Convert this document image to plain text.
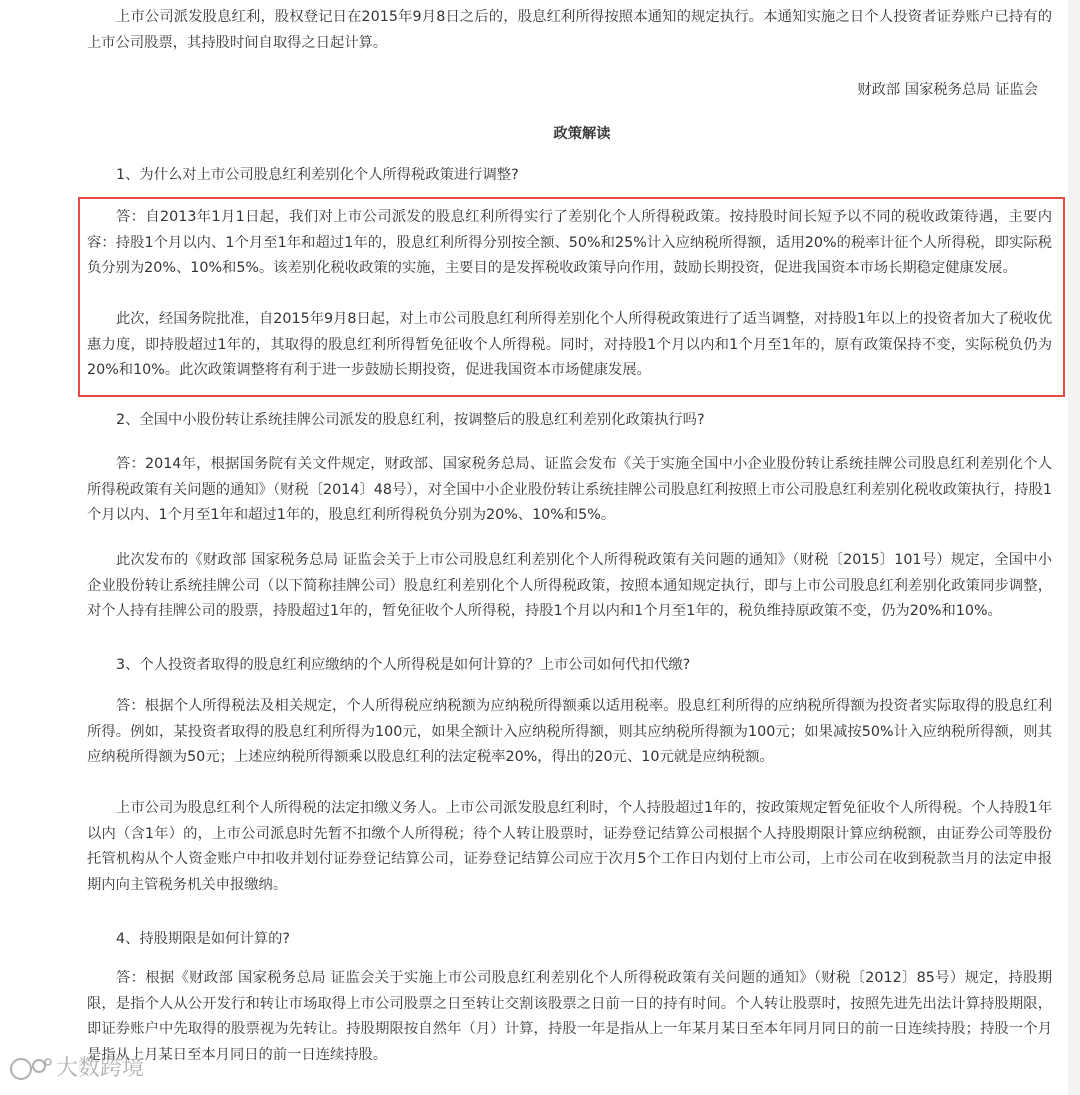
上市公司派发股息红利，股权登记日在2015年9月8日之后的，股息红利所得按照本通知的规定执行。本通知实施之日个人投资者证券账户已持有的上市公司股票，其持股时间自取得之日起计算。

财政部 国家税务总局 证监会
政策解读
1、为什么对上市公司股息红利差别化个人所得税政策进行调整?

答：自2013年1月1日起，我们对上市公司派发的股息红利所得实行了差别化个人所得税政策。按持股时间长短予以不同的税收政策待遇，主要内容：持股1个月以内、1个月至1年和超过1年的，股息红利所得分别按全额、50%和25%计入应纳税所得额，适用20%的税率计征个人所得税，即实际税负分别为20%、10%和5%。该差别化税收政策的实施，主要目的是发挥税收政策导向作用，鼓励长期投资，促进我国资本市场长期稳定健康发展。

此次，经国务院批准，自2015年9月8日起，对上市公司股息红利所得差别化个人所得税政策进行了适当调整，对持股1年以上的投资者加大了税收优惠力度，即持股超过1年的，其取得的股息红利所得暂免征收个人所得税。同时，对持股1个月以内和1个月至1年的，原有政策保持不变，实际税负仍为20%和10%。此次政策调整将有利于进一步鼓励长期投资，促进我国资本市场健康发展。

2、全国中小股份转让系统挂牌公司派发的股息红利，按调整后的股息红利差别化政策执行吗?

答：2014年，根据国务院有关文件规定，财政部、国家税务总局、证监会发布《关于实施全国中小企业股份转让系统挂牌公司股息红利差别化个人所得税政策有关问题的通知》（财税〔2014〕48号），对全国中小企业股份转让系统挂牌公司股息红利按照上市公司股息红利差别化税收政策执行，持股1个月以内、1个月至1年和超过1年的，股息红利所得税负分别为20%、10%和5%。

此次发布的《财政部 国家税务总局 证监会关于上市公司股息红利差别化个人所得税政策有关问题的通知》（财税〔2015〕101号）规定，全国中小企业股份转让系统挂牌公司（以下简称挂牌公司）股息红利差别化个人所得税政策，按照本通知规定执行，即与上市公司股息红利差别化政策同步调整，对个人持有挂牌公司的股票，持股超过1年的，暂免征收个人所得税，持股1个月以内和1个月至1年的，税负维持原政策不变，仍为20%和10%。

3、个人投资者取得的股息红利应缴纳的个人所得税是如何计算的？上市公司如何代扣代缴?

答：根据个人所得税法及相关规定，个人所得税应纳税额为应纳税所得额乘以适用税率。股息红利所得的应纳税所得额为投资者实际取得的股息红利所得。例如，某投资者取得的股息红利所得为100元，如果全额计入应纳税所得额，则其应纳税所得额为100元；如果减按50%计入应纳税所得额，则其应纳税所得额为50元；上述应纳税所得额乘以股息红利的法定税率20%，得出的20元、10元就是应纳税额。

上市公司为股息红利个人所得税的法定扣缴义务人。上市公司派发股息红利时，个人持股超过1年的，按政策规定暂免征收个人所得税。个人持股1年以内（含1年）的，上市公司派息时先暂不扣缴个人所得税；待个人转让股票时，证券登记结算公司根据个人持股期限计算应纳税额，由证券公司等股份托管机构从个人资金账户中扣收并划付证券登记结算公司，证券登记结算公司应于次月5个工作日内划付上市公司，上市公司在收到税款当月的法定申报期内向主管税务机关申报缴纳。

4、持股期限是如何计算的?

答：根据《财政部 国家税务总局 证监会关于实施上市公司股息红利差别化个人所得税政策有关问题的通知》（财税〔2012〕85号）规定，持股期限，是指个人从公开发行和转让市场取得上市公司股票之日至转让交割该股票之日前一日的持有时间。个人转让股票时，按照先进先出法计算持股期限，即证券账户中先取得的股票视为先转让。持股期限按自然年（月）计算，持股一年是指从上一年某月某日至本年同月同日的前一日连续持股；持股一个月是指从上月某日至本月同日的前一日连续持股。

大数跨境
